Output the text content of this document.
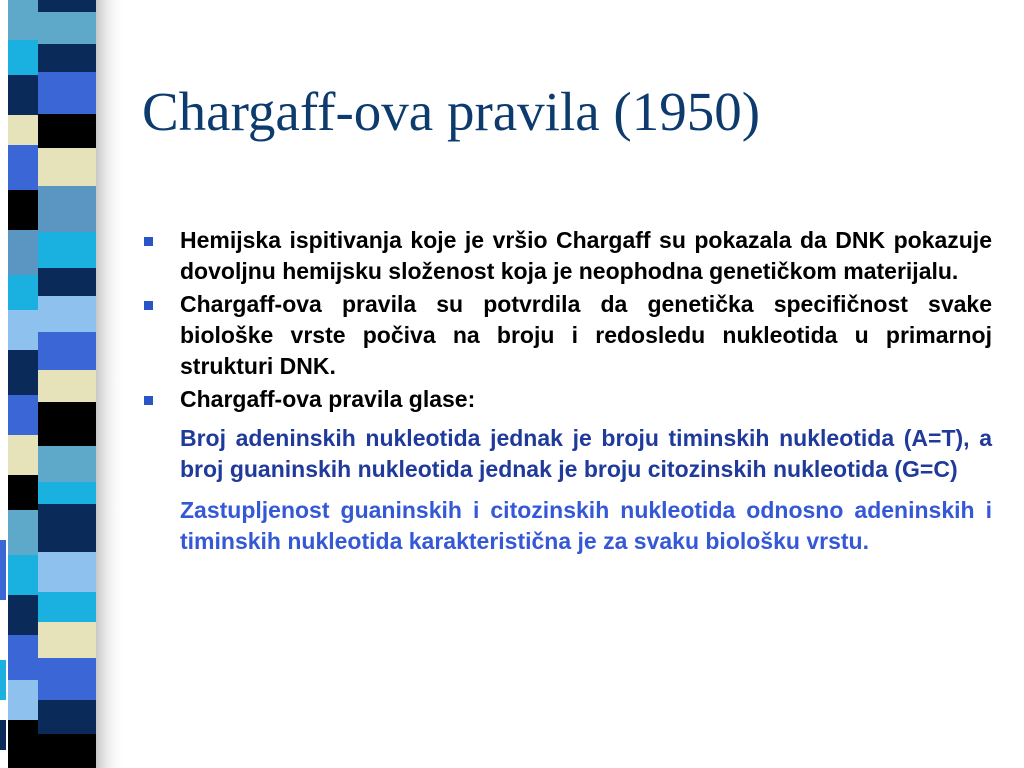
Chargaff-ova pravila (1950)
Hemijska ispitivanja koje je vršio Chargaff su pokazala da DNK pokazuje dovoljnu hemijsku složenost koja je neophodna genetičkom materijalu.
Chargaff-ova pravila su potvrdila da genetička specifičnost svake biološke vrste počiva na broju i redosledu nukleotida u primarnoj strukturi DNK.
Chargaff-ova pravila glase:
Broj adeninskih nukleotida jednak je broju timinskih nukleotida (A=T), a broj guaninskih nukleotida jednak je broju citozinskih nukleotida (G=C)
Zastupljenost guaninskih i citozinskih nukleotida odnosno adeninskih i timinskih nukleotida karakteristična je za svaku biološku vrstu.
